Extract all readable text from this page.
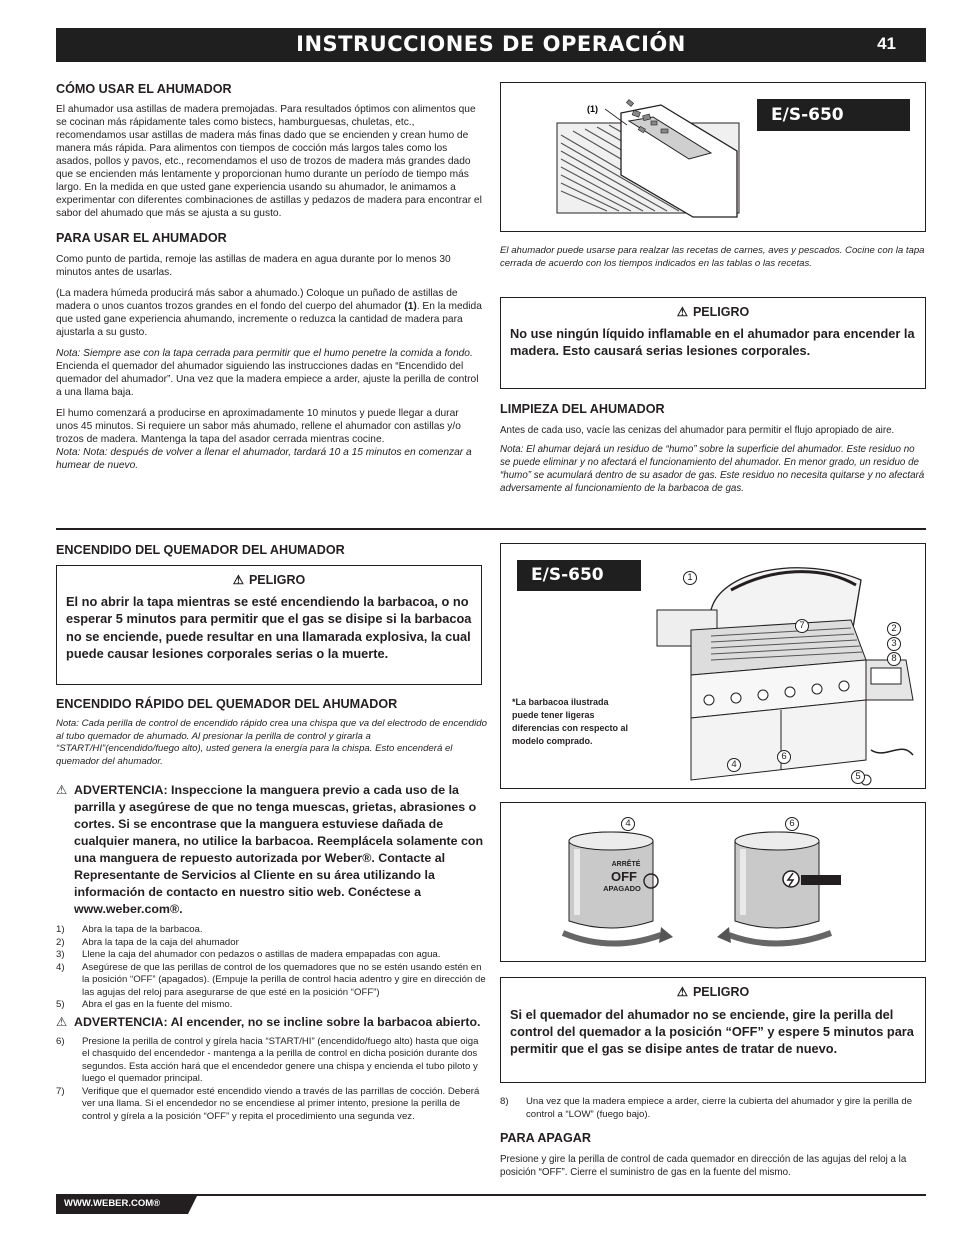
INSTRUCCIONES DE OPERACIÓN	41
CÓMO USAR EL AHUMADOR

El ahumador usa astillas de madera premojadas. Para resultados óptimos con alimentos que se cocinan más rápidamente tales como bistecs, hamburguesas, chuletas, etc., recomendamos usar astillas de madera más finas dado que se encienden y crean humo de manera más rápida. Para alimentos con tiempos de cocción más largos tales como los asados, pollos y pavos, etc., recomendamos el uso de trozos de madera más grandes dado que se encienden más lentamente y proporcionan humo durante un período de tiempo más largo. En la medida en que usted gane experiencia usando su ahumador, le animamos a experimentar con diferentes combinaciones de astillas y pedazos de madera para encontrar el sabor del ahumado que más se ajusta a su gusto.

PARA USAR EL AHUMADOR

Como punto de partida, remoje las astillas de madera en agua durante por lo menos 30 minutos antes de usarlas.

(La madera húmeda producirá más sabor a ahumado.) Coloque un puñado de astillas de madera o unos cuantos trozos grandes en el fondo del cuerpo del ahumador (1). En la medida que usted gane experiencia ahumando, incremente o reduzca la cantidad de madera para ajustarla a su gusto.

Nota: Siempre ase con la tapa cerrada para permitir que el humo penetre la comida a fondo.

Encienda el quemador del ahumador siguiendo las instrucciones dadas en “Encendido del quemador del ahumador”. Una vez que la madera empiece a arder, ajuste la perilla de control a una llama baja.

El humo comenzará a producirse en aproximadamente 10 minutos y puede llegar a durar unos 45 minutos. Si requiere un sabor más ahumado, rellene el ahumador con astillas y/o trozos de madera. Mantenga la tapa del asador cerrada mientras cocine.

Nota: Nota: después de volver a llenar el ahumador, tardará 10 a 15 minutos en comenzar a humear de nuevo.

(1)	E/S-650

El ahumador puede usarse para realzar las recetas de carnes, aves y pescados. Cocine con la tapa cerrada de acuerdo con los tiempos indicados en las tablas o las recetas.

⚠ PELIGRO

No use ningún líquido inflamable en el ahumador para encender la madera. Esto causará serias lesiones corporales.

LIMPIEZA DEL AHUMADOR

Antes de cada uso, vacíe las cenizas del ahumador para permitir el flujo apropiado de aire.

Nota: El ahumar dejará un residuo de “humo” sobre la superficie del ahumador. Este residuo no se puede eliminar y no afectará el funcionamiento del ahumador. En menor grado, un residuo de “humo” se acumulará dentro de su asador de gas. Este residuo no necesita quitarse y no afectará adversamente al funcionamiento de la barbacoa de gas.

ENCENDIDO DEL QUEMADOR DEL AHUMADOR
⚠ PELIGRO

El no abrir la tapa mientras se esté encendiendo la barbacoa, o no esperar 5 minutos para permitir que el gas se disipe si la barbacoa no se enciende, puede resultar en una llamarada explosiva, la cual puede causar lesiones corporales serias o la muerte.

ENCENDIDO RÁPIDO DEL QUEMADOR DEL AHUMADOR

Nota: Cada perilla de control de encendido rápido crea una chispa que va del electrodo de encendido al tubo quemador de ahumado. Al presionar la perilla de control y girarla a “START/HI”(encendido/fuego alto), usted genera la energía para la chispa. Esto encenderá el quemador del ahumador.

⚠ ADVERTENCIA: Inspeccione la manguera previo a cada uso de la parrilla y asegúrese de que no tenga muescas, grietas, abrasiones o cortes. Si se encontrase que la manguera estuviese dañada de cualquier manera, no utilice la barbacoa. Reemplácela solamente con una manguera de repuesto autorizada por Weber®. Contacte al Representante de Servicios al Cliente en su área utilizando la información de contacto en nuestro sitio web. Conéctese a www.weber.com®.

1)	Abra la tapa de la barbacoa.
2)	Abra la tapa de la caja del ahumador
3)	Llene la caja del ahumador con pedazos o astillas de madera empapadas con agua.
4)	Asegúrese de que las perillas de control de los quemadores que no se estén usando estén en la posición “OFF” (apagados). (Empuje la perilla de control hacia adentro y gire en dirección de las agujas del reloj para asegurarse de que esté en la posición “OFF”)
5)	Abra el gas en la fuente del mismo.
⚠ ADVERTENCIA: Al encender, no se incline sobre la barbacoa abierto.

6)	Presione la perilla de control y gírela hacia “START/HI” (encendido/fuego alto) hasta que oiga el chasquido del encendedor - mantenga a la perilla de control en dicha posición durante dos segundos. Esta acción hará que el encendedor genere una chispa y encienda el tubo piloto y luego el quemador principal.
7)	Verifique que el quemador esté encendido viendo a través de las parrillas de cocción. Deberá ver una llama. Si el encendedor no se encendiese al primer intento, presione la perilla de control y gírela a la posición “OFF” y repita el procedimiento una segunda vez.
E/S-650	1
2
3
4
5
6
7
8

*La barbacoa ilustrada puede tener ligeras diferencias con respecto al modelo comprado.

4	6
ARRÊTÉ
OFF
APAGADO
⚠ PELIGRO

Si el quemador del ahumador no se enciende, gire la perilla del control del quemador a la posición “OFF” y espere 5 minutos para permitir que el gas se disipe antes de tratar de nuevo.

8)	Una vez que la madera empiece a arder, cierre la cubierta del ahumador y gire la perilla de control a “LOW” (fuego bajo).
PARA APAGAR

Presione y gire la perilla de control de cada quemador en dirección de las agujas del reloj a la posición “OFF”. Cierre el suministro de gas en la fuente del mismo.

WWW.WEBER.COM®
